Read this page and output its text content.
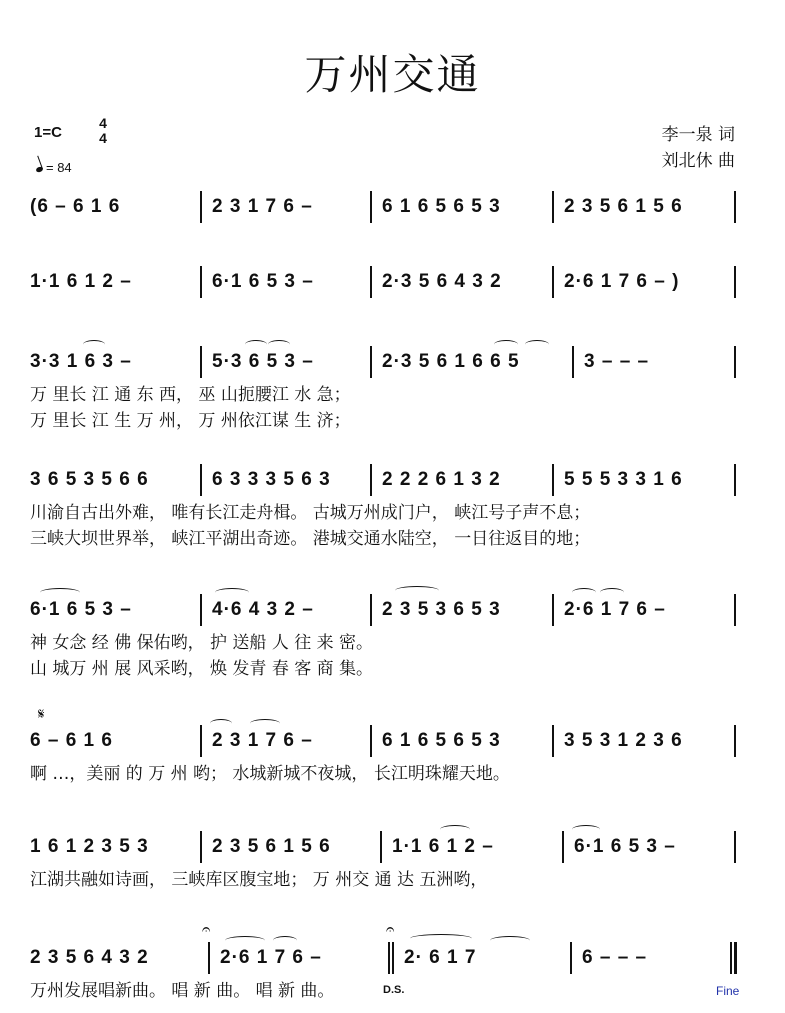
万州交通
1=C
4
4
= 84
李一泉 词
刘北休 曲
(6 – 6 1 6	2 3 1 7 6 –	6 1 6 5 6 5 3	2 3 5 6 1 5 6
1·1 6 1 2 –	6·1 6 5 3 –	2·3 5 6 4 3 2	2·6 1 7 6 – )
3·3 1 6 3 –	5·3 6 5 3 –	2·3 5 6 1 6 6 5	3 – – –
万 里长 江 通 东 西， 巫 山扼腰江 水 急；
万 里长 江 生 万 州， 万 州依江谋 生 济；
3 6 5 3 5 6 6	6 3 3 3 5 6 3	2 2 2 6 1 3 2	5 5 5 3 3 1 6
川渝自古出外难， 唯有长江走舟楫。 古城万州成门户， 峡江号子声不息；
三峡大坝世界举， 峡江平湖出奇迹。 港城交通水陆空， 一日往返目的地；
6·1 6 5 3 –	4·6 4 3 2 –	2 3 5 3 6 5 3	2·6 1 7 6 –
神 女念 经 佛 保佑哟， 护 送船 人 往 来 密。
山 城万 州 展 风采哟， 焕 发青 春 客 商 集。
𝄋
6 – 6 1 6	2 3 1 7 6 –	6 1 6 5 6 5 3	3 5 3 1 2 3 6
啊 …，美丽 的 万 州 哟； 水城新城不夜城， 长江明珠耀天地。
1 6 1 2 3 5 3	2 3 5 6 1 5 6	1·1 6 1 2 –	6·1 6 5 3 –
江湖共融如诗画， 三峡库区腹宝地； 万 州交 通 达 五洲哟，
𝄐	𝄐
2 3 5 6 4 3 2	2·6 1 7 6 –	2· 6 1 7	6 – – –
万州发展唱新曲。 唱 新 曲。 唱 新 曲。	D.S.	Fine
